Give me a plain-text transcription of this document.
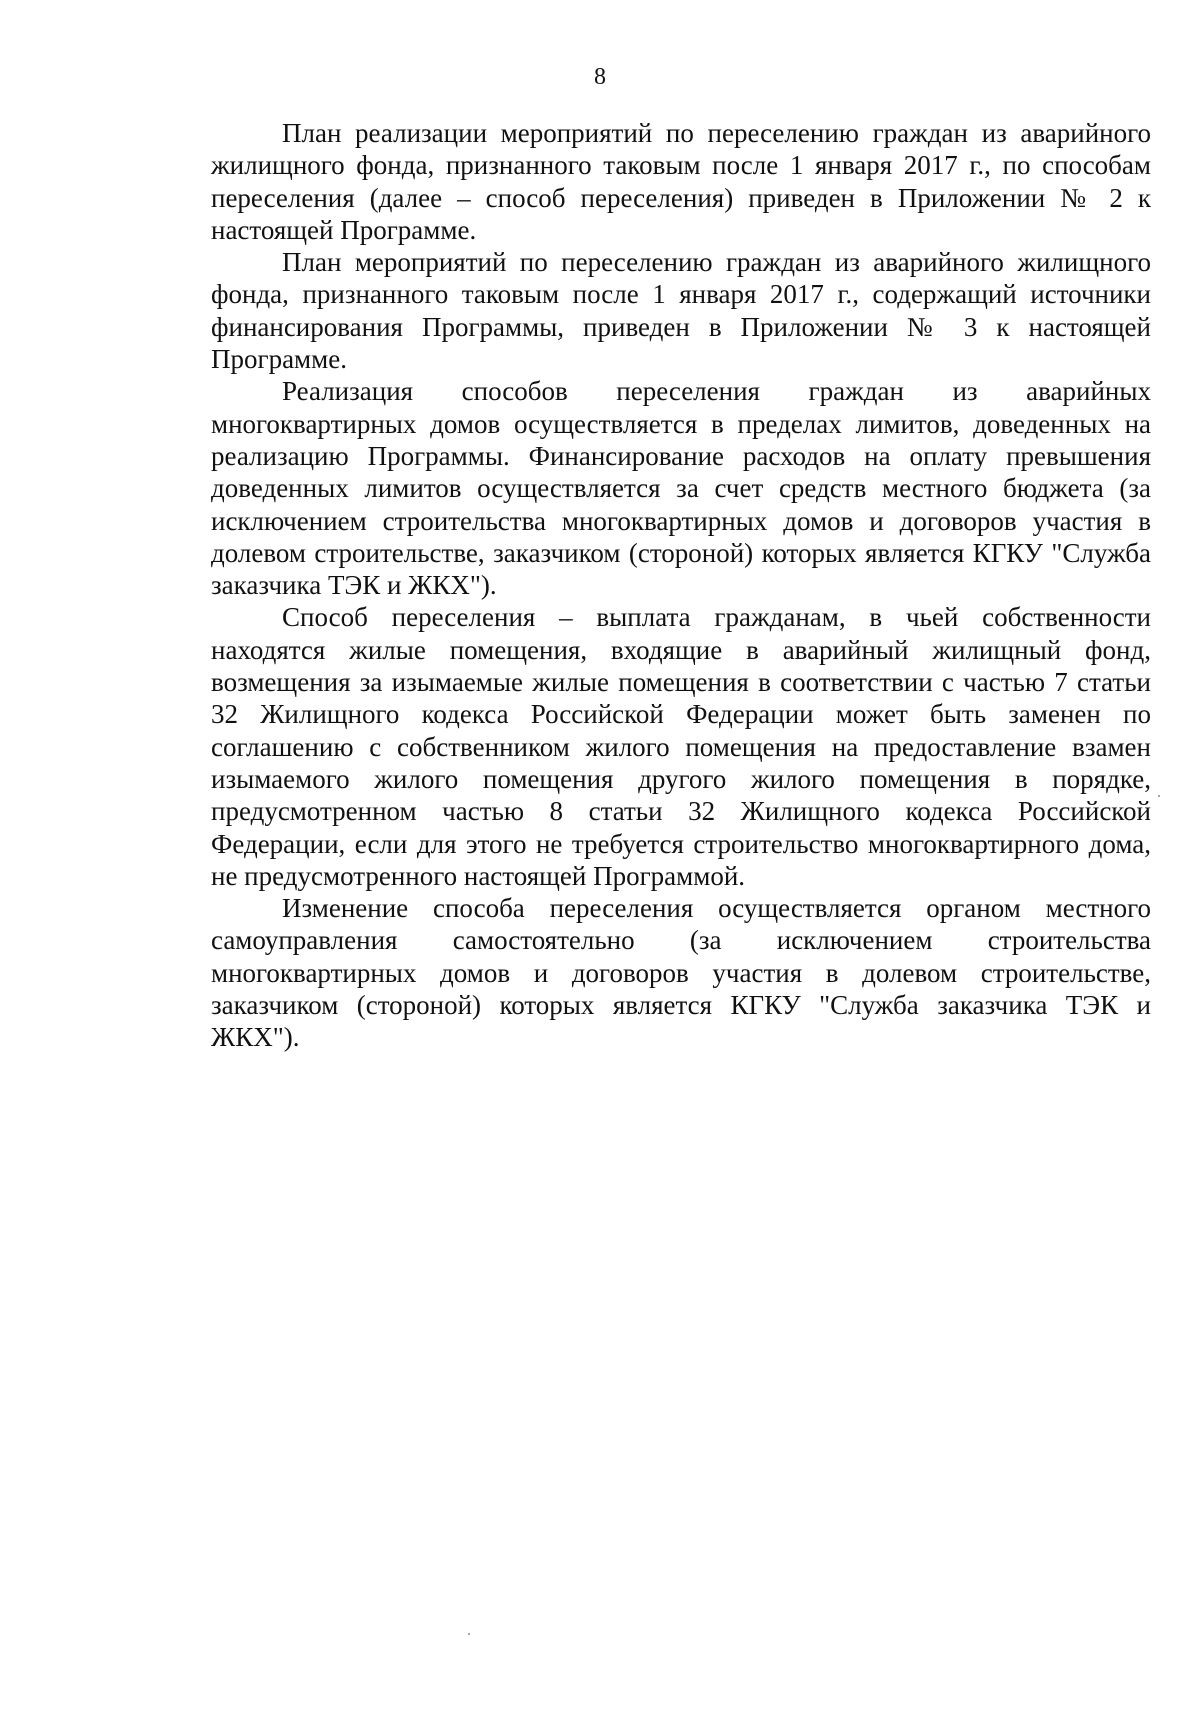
8

План реализации мероприятий по переселению граждан из аварийного жилищного фонда, признанного таковым после 1 января 2017 г., по способам переселения (далее – способ переселения) приведен в Приложении № 2 к настоящей Программе.

План мероприятий по переселению граждан из аварийного жилищного фонда, признанного таковым после 1 января 2017 г., содержащий источники финансирования Программы, приведен в Приложении № 3 к настоящей Программе.

Реализация способов переселения граждан из аварийных многоквартирных домов осуществляется в пределах лимитов, доведенных на реализацию Программы. Финансирование расходов на оплату превышения доведенных лимитов осуществляется за счет средств местного бюджета (за исключением строительства многоквартирных домов и договоров участия в долевом строительстве, заказчиком (стороной) которых является КГКУ "Служба заказчика ТЭК и ЖКХ").

Способ переселения – выплата гражданам, в чьей собственности находятся жилые помещения, входящие в аварийный жилищный фонд, возмещения за изымаемые жилые помещения в соответствии с частью 7 статьи 32 Жилищного кодекса Российской Федерации может быть заменен по соглашению с собственником жилого помещения на предоставление взамен изымаемого жилого помещения другого жилого помещения в порядке, предусмотренном частью 8 статьи 32 Жилищного кодекса Российской Федерации, если для этого не требуется строительство многоквартирного дома, не предусмотренного настоящей Программой.

Изменение способа переселения осуществляется органом местного самоуправления самостоятельно (за исключением строительства многоквартирных домов и договоров участия в долевом строительстве, заказчиком (стороной) которых является КГКУ "Служба заказчика ТЭК и ЖКХ").
